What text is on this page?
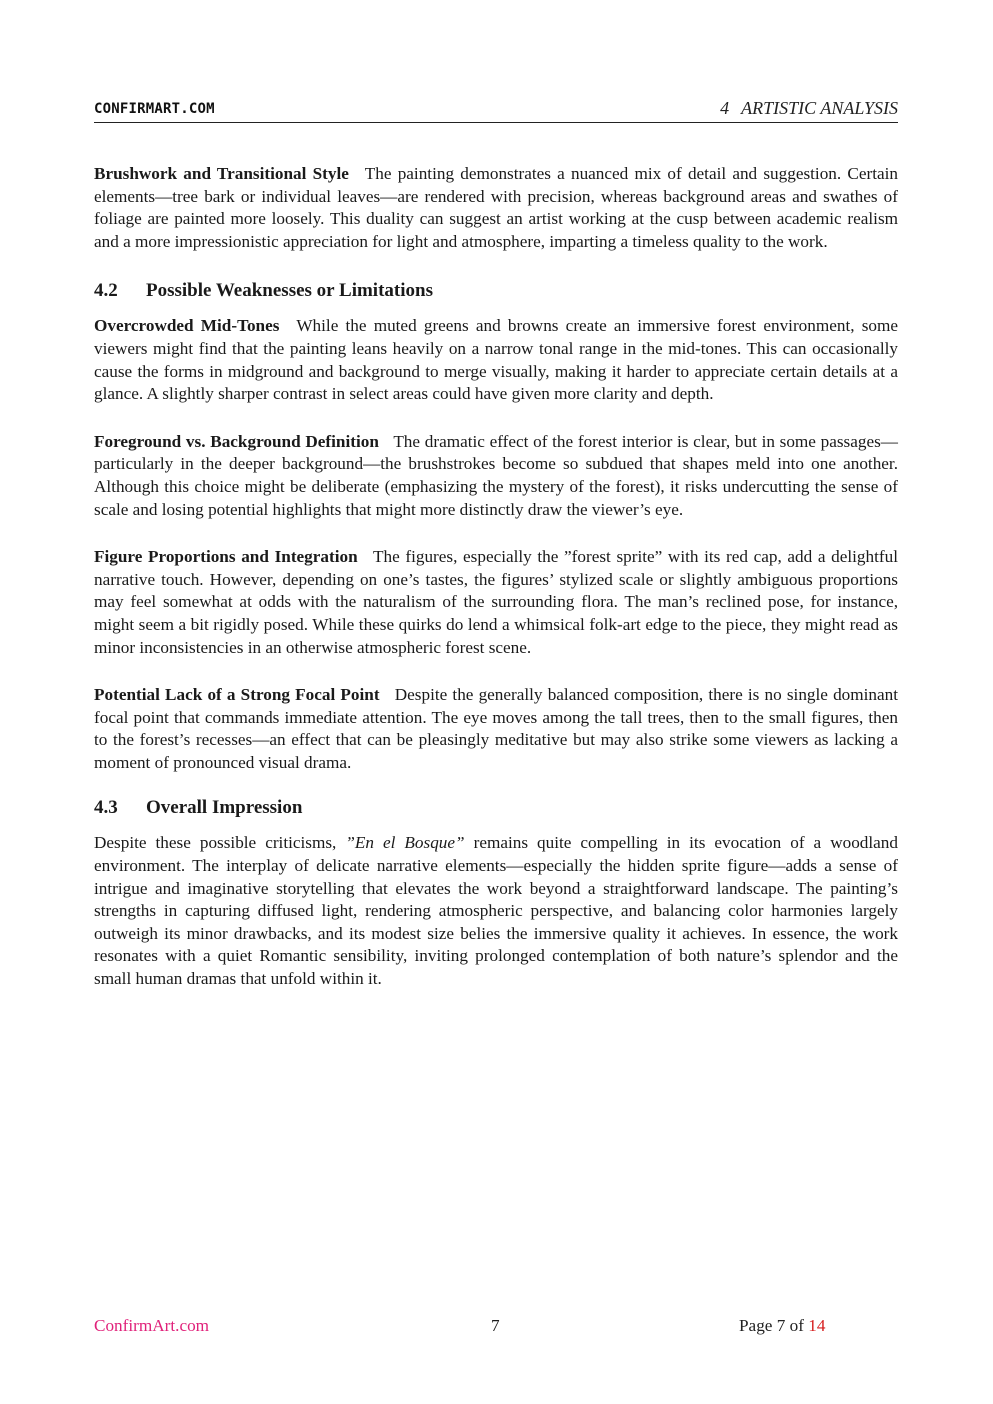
CONFIRMART.COM	4 ARTISTIC ANALYSIS

Brushwork and Transitional Style The painting demonstrates a nuanced mix of detail and suggestion. Certain elements—tree bark or individual leaves—are rendered with precision, whereas background areas and swathes of foliage are painted more loosely. This duality can suggest an artist working at the cusp between academic realism and a more impressionistic appreciation for light and atmosphere, imparting a timeless quality to the work.

4.2 Possible Weaknesses or Limitations

Overcrowded Mid-Tones While the muted greens and browns create an immersive forest environment, some viewers might find that the painting leans heavily on a narrow tonal range in the mid-tones. This can occasionally cause the forms in midground and background to merge visually, making it harder to appreciate certain details at a glance. A slightly sharper contrast in select areas could have given more clarity and depth.

Foreground vs. Background Definition The dramatic effect of the forest interior is clear, but in some passages—particularly in the deeper background—the brushstrokes become so subdued that shapes meld into one another. Although this choice might be deliberate (emphasizing the mystery of the forest), it risks undercutting the sense of scale and losing potential highlights that might more distinctly draw the viewer’s eye.

Figure Proportions and Integration The figures, especially the ”forest sprite” with its red cap, add a delightful narrative touch. However, depending on one’s tastes, the figures’ stylized scale or slightly ambiguous proportions may feel somewhat at odds with the naturalism of the surrounding flora. The man’s reclined pose, for instance, might seem a bit rigidly posed. While these quirks do lend a whimsical folk-art edge to the piece, they might read as minor inconsistencies in an otherwise atmospheric forest scene.

Potential Lack of a Strong Focal Point Despite the generally balanced composition, there is no single dominant focal point that commands immediate attention. The eye moves among the tall trees, then to the small figures, then to the forest’s recesses—an effect that can be pleasingly meditative but may also strike some viewers as lacking a moment of pronounced visual drama.

4.3 Overall Impression

Despite these possible criticisms, ”En el Bosque” remains quite compelling in its evocation of a woodland environment. The interplay of delicate narrative elements—especially the hidden sprite figure—adds a sense of intrigue and imaginative storytelling that elevates the work beyond a straightforward landscape. The painting’s strengths in capturing diffused light, rendering atmospheric perspective, and balancing color harmonies largely outweigh its minor drawbacks, and its modest size belies the immersive quality it achieves. In essence, the work resonates with a quiet Romantic sensibility, inviting prolonged contemplation of both nature’s splendor and the small human dramas that unfold within it.

ConfirmArt.com	7	Page 7 of 14
